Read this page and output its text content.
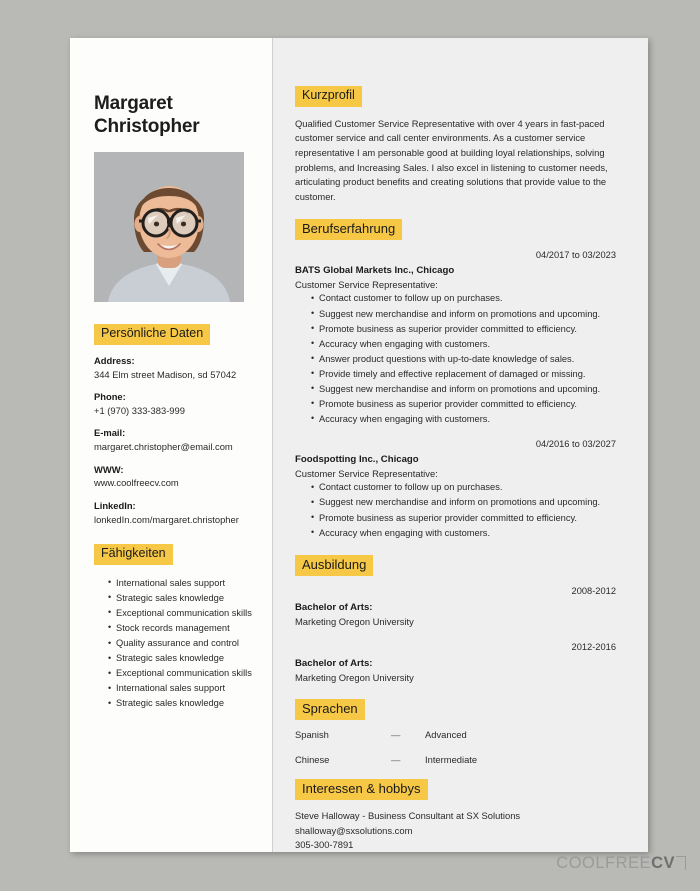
Margaret
Christopher
Persönliche Daten
Address:
344 Elm street Madison, sd 57042
Phone:
+1 (970) 333-383-999
E-mail:
margaret.christopher@email.com
WWW:
www.coolfreecv.com
LinkedIn:
lonkedIn.com/margaret.christopher
Fähigkeiten
• International sales support
• Strategic sales knowledge
• Exceptional communication skills
• Stock records management
• Quality assurance and control
• Strategic sales knowledge
• Exceptional communication skills
• International sales support
• Strategic sales knowledge
Kurzprofil
Qualified Customer Service Representative with over 4 years in fast-paced customer service and call center environments. As a customer service representative I am personable good at building loyal relationships, solving problems, and Increasing Sales. I also excel in listening to customer needs, articulating product benefits and creating solutions that provide value to the customer.
Berufserfahrung
04/2017 to 03/2023
BATS Global Markets Inc., Chicago
Customer Service Representative:
• Contact customer to follow up on purchases.
• Suggest new merchandise and inform on promotions and upcoming.
• Promote business as superior provider committed to efficiency.
• Accuracy when engaging with customers.
• Answer product questions with up-to-date knowledge of sales.
• Provide timely and effective replacement of damaged or missing.
• Suggest new merchandise and inform on promotions and upcoming.
• Promote business as superior provider committed to efficiency.
• Accuracy when engaging with customers.
04/2016 to 03/2027
Foodspotting Inc., Chicago
Customer Service Representative:
• Contact customer to follow up on purchases.
• Suggest new merchandise and inform on promotions and upcoming.
• Promote business as superior provider committed to efficiency.
• Accuracy when engaging with customers.
Ausbildung
2008-2012
Bachelor of Arts:
Marketing Oregon University
2012-2016
Bachelor of Arts:
Marketing Oregon University
Sprachen
Spanish	—	Advanced
Chinese	—	Intermediate
Interessen & hobbys
Steve Halloway - Business Consultant at SX Solutions
shalloway@sxsolutions.com
305-300-7891
COOLFREECV
